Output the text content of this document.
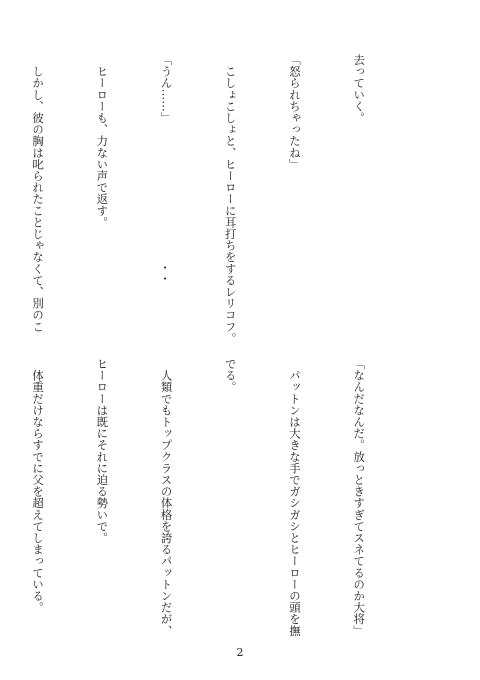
去っていく。

「怒られちゃったね」

　こしょこしょと、ヒーローに耳打ちをするレリコフ。

「うん……」

　ヒーローも、力ない声で返す。

　しかし、彼の胸は叱られたことじゃなくて、別のこ

	・・

「なんだなんだ。放っときすぎてスネてるのか大将」

　パットンは大きな手でガシガシとヒーローの頭を撫

でる。

　人類でもトップクラスの体格を誇るパットンだが、

ヒーローは既にそれに迫る勢いで。

　体重だけならすでに父を超えてしまっている。

2
